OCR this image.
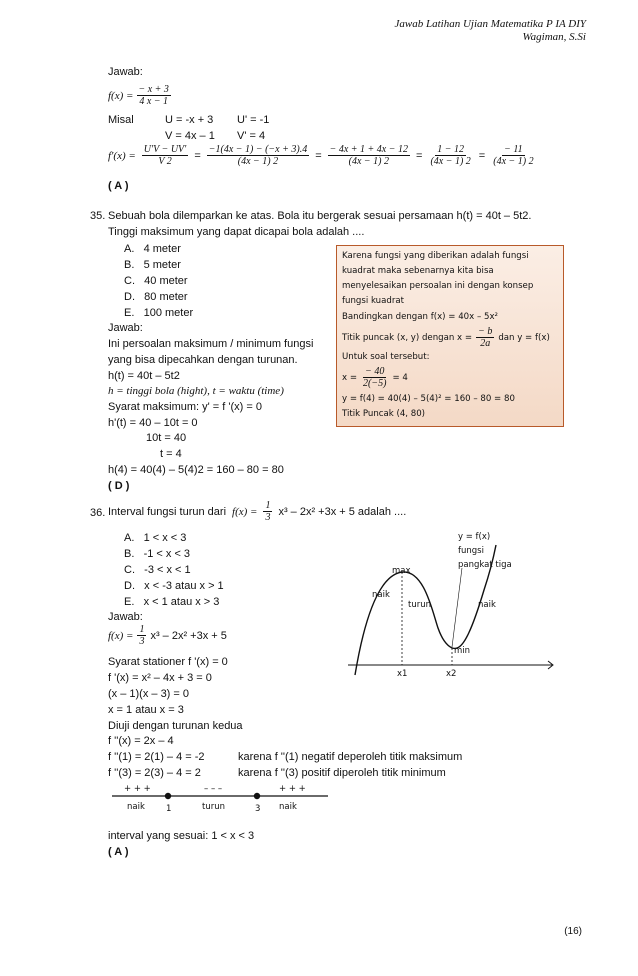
Jawab Latihan Ujian Matematika P IA DIY
Wagiman, S.Si
Jawab:
f(x) =
$\frac{- x + 3}{4 x - 1}$
Misal	U = -x + 3 U' = -1
V = 4x – 1 V' = 4
$f'(x) = \frac{U'V - UV'}{V 2} = \frac{-1(4x - 1) - (-x + 3).4}{(4x - 1) 2} = \frac{- 4x + 1 + 4x - 12}{(4x - 1) 2} = \frac{1 - 12}{(4x - 1) 2} = \frac{- 11}{(4x - 1) 2}$
( A )
35. Sebuah bola dilemparkan ke atas. Bola itu bergerak sesuai persamaan h(t) = 40t – 5t2.
Tinggi maksimum yang dapat dicapai bola adalah ....
A. 4 meter
B. 5 meter
C. 40 meter
D. 80 meter
E. 100 meter
Jawab:
Ini persoalan maksimum / minimum fungsi
yang bisa dipecahkan dengan turunan.
h(t) = 40t – 5t2
h = tinggi bola (hight), t = waktu (time)
Syarat maksimum: y' = f '(x) = 0
h'(t) = 40 – 10t = 0
10t = 40
t = 4
h(4) = 40(4) – 5(4)2 = 160 – 80 = 80
( D )
Karena fungsi yang diberikan adalah fungsi
kuadrat maka sebenarnya kita bisa
menyelesaikan persoalan ini dengan konsep
fungsi kuadrat
Bandingkan dengan f(x) = 40x – 5x²
Titik puncak (x, y) dengan $x = \frac{- b}{2a}$ dan y = f(x)
Untuk soal tersebut:
$x = \frac{- 40}{2(-5)} = 4$
y = f(4) = 40(4) – 5(4)² = 160 – 80 = 80
Titik Puncak (4, 80)
36. Interval fungsi turun dari $f(x) = \frac{1}{3} x^3 - 2x^2 +3x + 5$ adalah ....
A. 1 < x < 3
B. -1 < x < 3
C. -3 < x < 1
D. x < -3 atau x > 1
E. x < 1 atau x > 3
Jawab:
$f(x) = \frac{1}{3} x^3 - 2x^2 +3x + 5$
Syarat stationer f '(x) = 0
f '(x) = x² – 4x + 3 = 0
(x – 1)(x – 3) = 0
x = 1 atau x = 3
Diuji dengan turunan kedua
f ''(x) = 2x – 4
f ''(1) = 2(1) – 4 = -2	karena f ''(1) negatif deperoleh titik maksimum
f ''(3) = 2(3) – 4 = 2	karena f ''(3) positif diperoleh titik minimum
+ + +	– – –	+ + +
naik 1	turun	3 naik
interval yang sesuai: 1 < x < 3
( A )
y = f(x)
fungsi
pangkat tiga
max
naik
turun	naik
min
x1	x2
(16)
